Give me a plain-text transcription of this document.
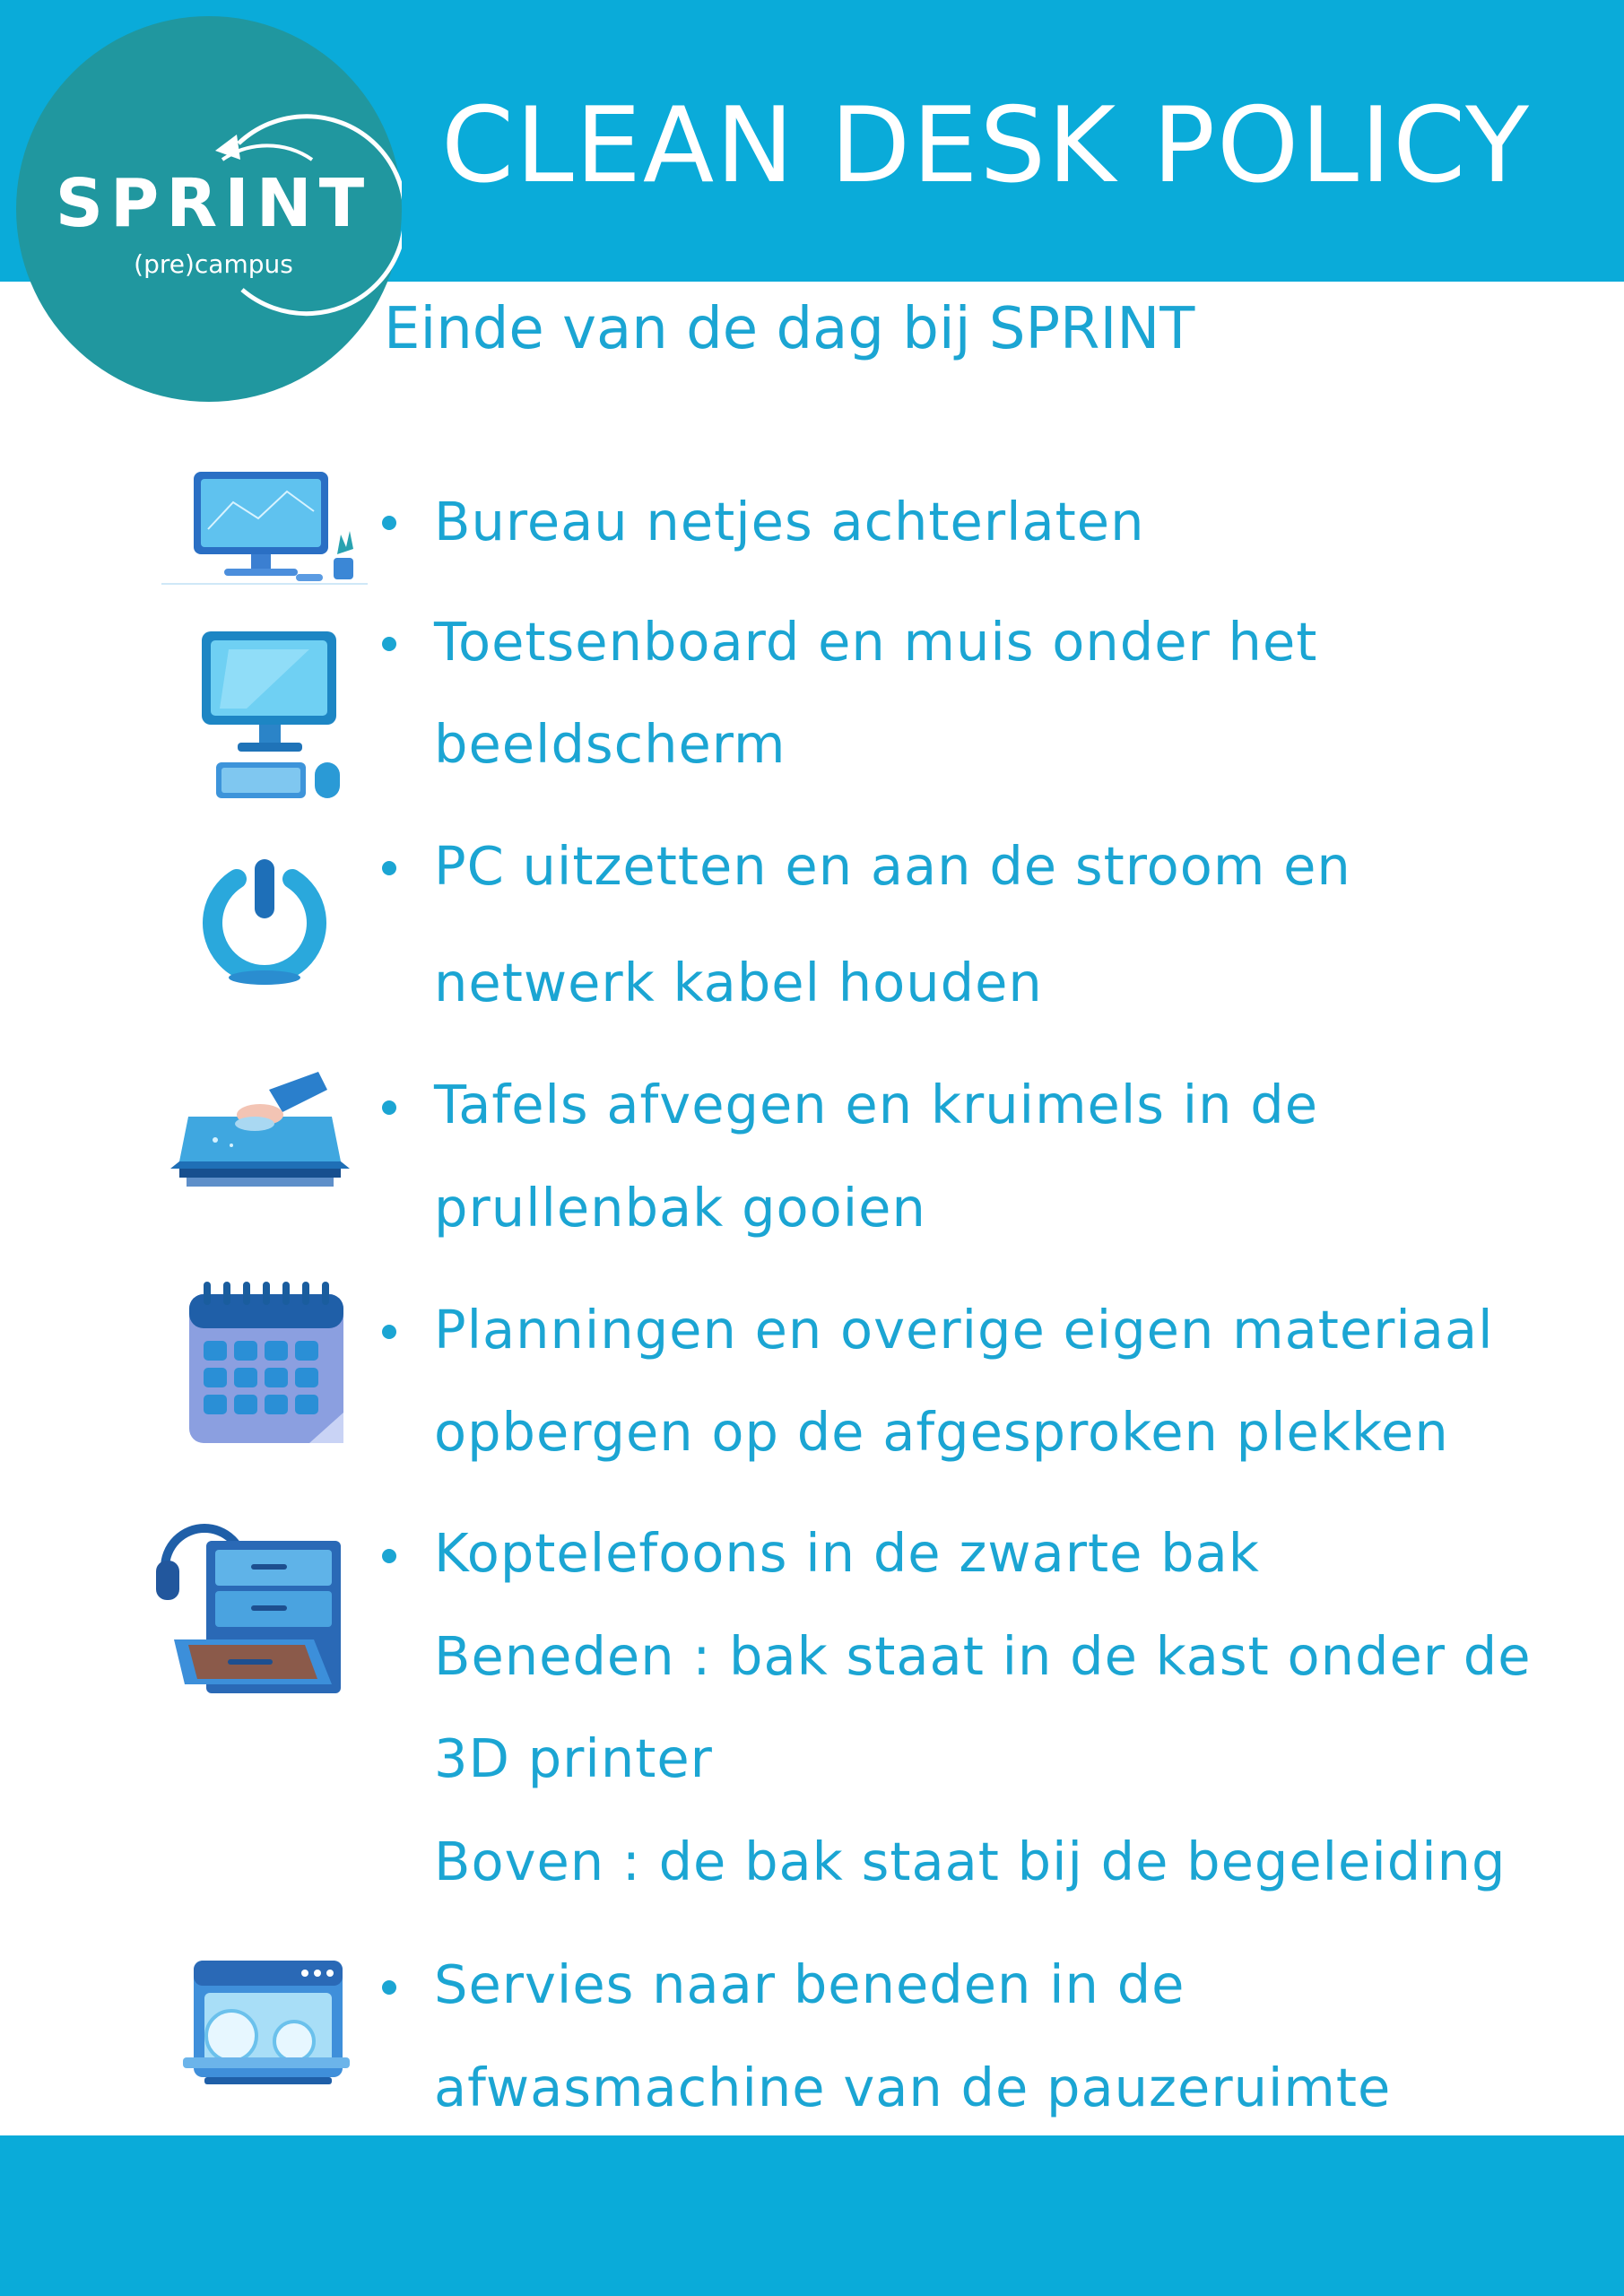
SPRINT
(pre)campus
CLEAN DESK POLICY
Einde van de dag bij SPRINT
Bureau netjes achterlaten
Toetsenboard en muis onder het
beeldscherm
PC uitzetten en aan de stroom en
netwerk kabel houden
Tafels afvegen en kruimels in de
prullenbak gooien
Planningen en overige eigen materiaal
opbergen op de afgesproken plekken
Koptelefoons in de zwarte bak
Beneden : bak staat in de kast onder de
3D printer
Boven : de bak staat bij de begeleiding
Servies naar beneden in de
afwasmachine van de pauzeruimte
